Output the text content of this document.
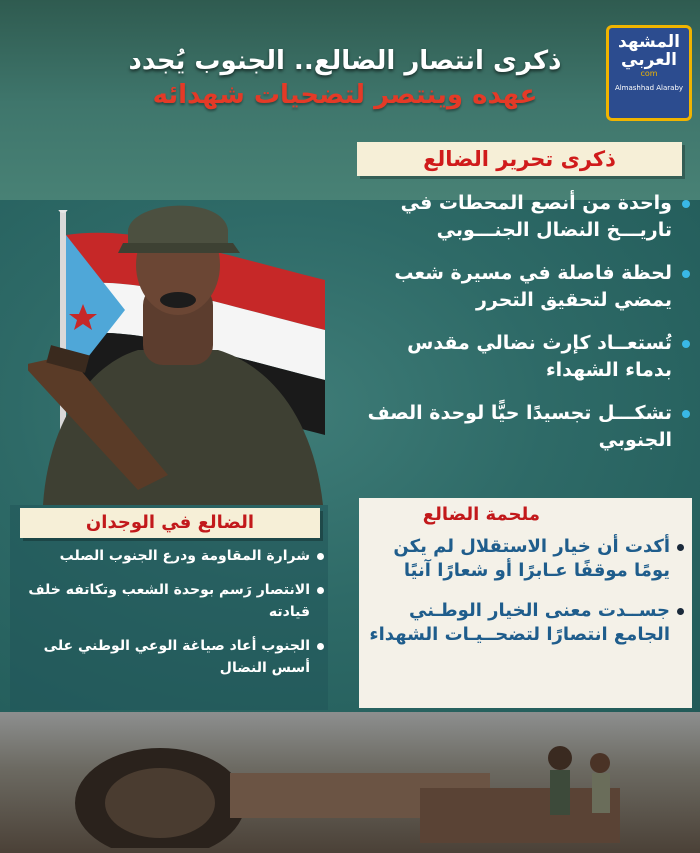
ذكرى انتصار الضالع.. الجنوب يُجدد
عهده وينتصر لتضحيات شهدائه
المشهد العربي
com
Almashhad Alaraby
ذكرى تحرير الضالع
واحدة من أنصع المحطات في تاريـــخ النضال الجنـــوبي
لحظة فاصلة في مسيرة شعب يمضي لتحقيق التحرر
تُستعــاد كإرث نضالي مقدس بدماء الشهداء
تشكـــل تجسيدًا حيًّا لوحدة الصف الجنوبي
الضالع في الوجدان
شرارة المقاومة ودرع الجنوب الصلب
الانتصار رَسم بوحدة الشعب وتكاتفه خلف قيادته
الجنوب أعاد صياغة الوعي الوطني على أسس النضال
ملحمة الضالع
أكدت أن خيار الاستقلال لم يكن يومًا موقفًا عـابرًا أو شعارًا آنيًا
جســدت معنى الخيار الوطـني الجامع انتصارًا لتضحــيـات الشهداء
